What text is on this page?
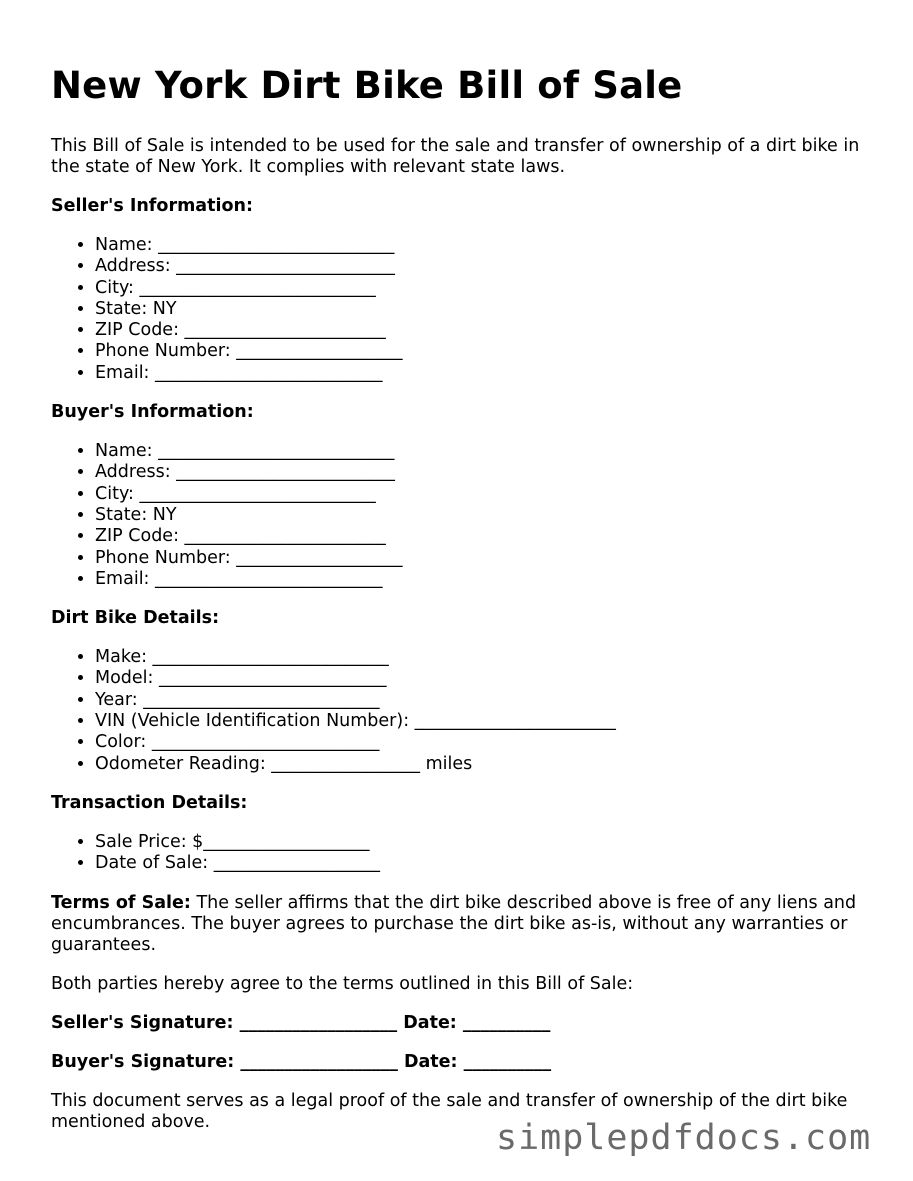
New York Dirt Bike Bill of Sale

This Bill of Sale is intended to be used for the sale and transfer of ownership of a dirt bike in the state of New York. It complies with relevant state laws.

Seller's Information:
• Name: ___________________________
• Address: _________________________
• City: ___________________________
• State: NY
• ZIP Code: _______________________
• Phone Number: ___________________
• Email: __________________________
Buyer's Information:
• Name: ___________________________
• Address: _________________________
• City: ___________________________
• State: NY
• ZIP Code: _______________________
• Phone Number: ___________________
• Email: __________________________
Dirt Bike Details:
• Make: ___________________________
• Model: __________________________
• Year: ___________________________
• VIN (Vehicle Identification Number): _______________________
• Color: __________________________
• Odometer Reading: _________________ miles
Transaction Details:
• Sale Price: $___________________
• Date of Sale: ___________________

Terms of Sale: The seller affirms that the dirt bike described above is free of any liens and encumbrances. The buyer agrees to purchase the dirt bike as-is, without any warranties or guarantees.

Both parties hereby agree to the terms outlined in this Bill of Sale:

Seller's Signature: __________________ Date: __________
Buyer's Signature: __________________ Date: __________

This document serves as a legal proof of the sale and transfer of ownership of the dirt bike mentioned above.	simplepdfdocs.com
